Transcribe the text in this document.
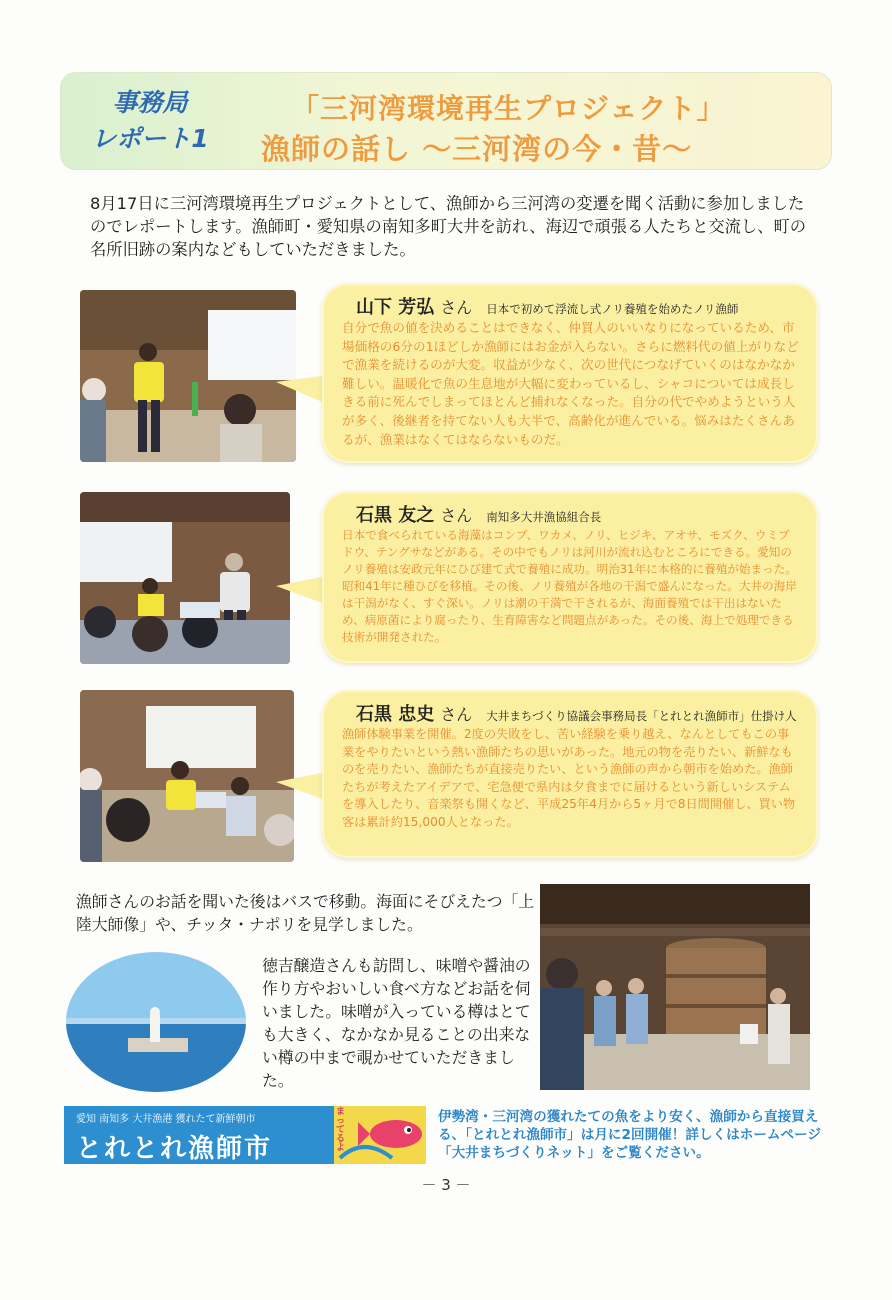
事務局
レポート1
「三河湾環境再生プロジェクト」
漁師の話し ～三河湾の今・昔～

8月17日に三河湾環境再生プロジェクトとして、漁師から三河湾の変遷を聞く活動に参加しましたのでレポートします。漁師町・愛知県の南知多町大井を訪れ、海辺で頑張る人たちと交流し、町の名所旧跡の案内などもしていただきました。

山下 芳弘 さん 日本で初めて浮流し式ノリ養殖を始めたノリ漁師
自分で魚の値を決めることはできなく、仲買人のいいなりになっているため、市場価格の6分の1ほどしか漁師にはお金が入らない。さらに燃料代の値上がりなどで漁業を続けるのが大変。収益が少なく、次の世代につなげていくのはなかなか難しい。温暖化で魚の生息地が大幅に変わっているし、シャコについては成長しきる前に死んでしまってほとんど捕れなくなった。自分の代でやめようという人が多く、後継者を持てない人も大半で、高齢化が進んでいる。悩みはたくさんあるが、漁業はなくてはならないものだ。
石黒 友之 さん 南知多大井漁協組合長
日本で食べられている海藻はコンブ、ワカメ、ノリ、ヒジキ、アオサ、モズク、ウミブドウ、テングサなどがある。その中でもノリは河川が流れ込むところにできる。愛知のノリ養殖は安政元年にひび建て式で養殖に成功。明治31年に本格的に養殖が始まった。昭和41年に種ひびを移植。その後、ノリ養殖が各地の干潟で盛んになった。大井の海岸は干潟がなく、すぐ深い。ノリは潮の干満で干されるが、海面養殖では干出はないため、病原菌により腐ったり、生育障害など問題点があった。その後、海上で処理できる技術が開発された。
石黒 忠史 さん 大井まちづくり協議会事務局長「とれとれ漁師市」仕掛け人
漁師体験事業を開催。2度の失敗をし、苦い経験を乗り越え、なんとしてもこの事業をやりたいという熱い漁師たちの思いがあった。地元の物を売りたい、新鮮なものを売りたい、漁師たちが直接売りたい、という漁師の声から朝市を始めた。漁師たちが考えたアイデアで、宅急便で県内は夕食までに届けるという新しいシステムを導入したり、音楽祭も開くなど、平成25年4月から5ヶ月で8日間開催し、買い物客は累計約15,000人となった。

漁師さんのお話を聞いた後はバスで移動。海面にそびえたつ「上陸大師像」や、チッタ・ナポリを見学しました。

徳吉醸造さんも訪問し、味噌や醤油の作り方やおいしい食べ方などお話を伺いました。味噌が入っている樽はとても大きく、なかなか見ることの出来ない樽の中まで覗かせていただきました。

愛知 南知多 大井漁港 獲れたて新鮮朝市
とれとれ漁師市
まってるよ

伊勢湾・三河湾の獲れたての魚をより安く、漁師から直接買える、「とれとれ漁師市」は月に2回開催！詳しくはホームページ「大井まちづくりネット」をご覧ください。

－ 3 －
